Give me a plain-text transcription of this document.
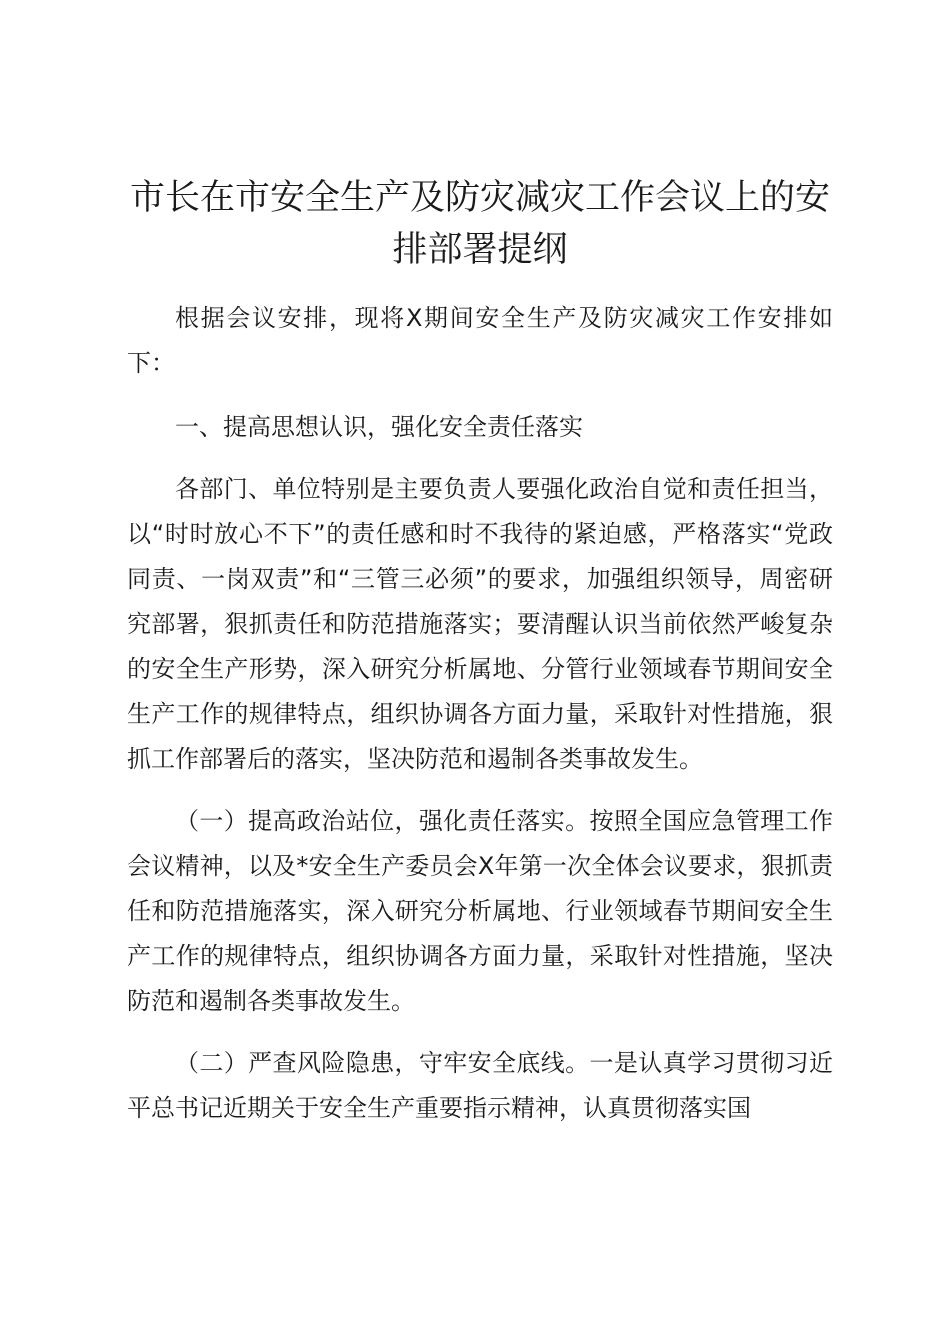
市长在市安全生产及防灾减灾工作会议上的安排部署提纲

根据会议安排，现将X期间安全生产及防灾减灾工作安排如下：

一、提高思想认识，强化安全责任落实

各部门、单位特别是主要负责人要强化政治自觉和责任担当，以“时时放心不下”的责任感和时不我待的紧迫感，严格落实“党政同责、一岗双责”和“三管三必须”的要求，加强组织领导，周密研究部署，狠抓责任和防范措施落实；要清醒认识当前依然严峻复杂的安全生产形势，深入研究分析属地、分管行业领域春节期间安全生产工作的规律特点，组织协调各方面力量，采取针对性措施，狠抓工作部署后的落实，坚决防范和遏制各类事故发生。

（一）提高政治站位，强化责任落实。按照全国应急管理工作会议精神，以及*安全生产委员会X年第一次全体会议要求，狠抓责任和防范措施落实，深入研究分析属地、行业领域春节期间安全生产工作的规律特点，组织协调各方面力量，采取针对性措施，坚决防范和遏制各类事故发生。

（二）严查风险隐患，守牢安全底线。一是认真学习贯彻习近平总书记近期关于安全生产重要指示精神，认真贯彻落实国
